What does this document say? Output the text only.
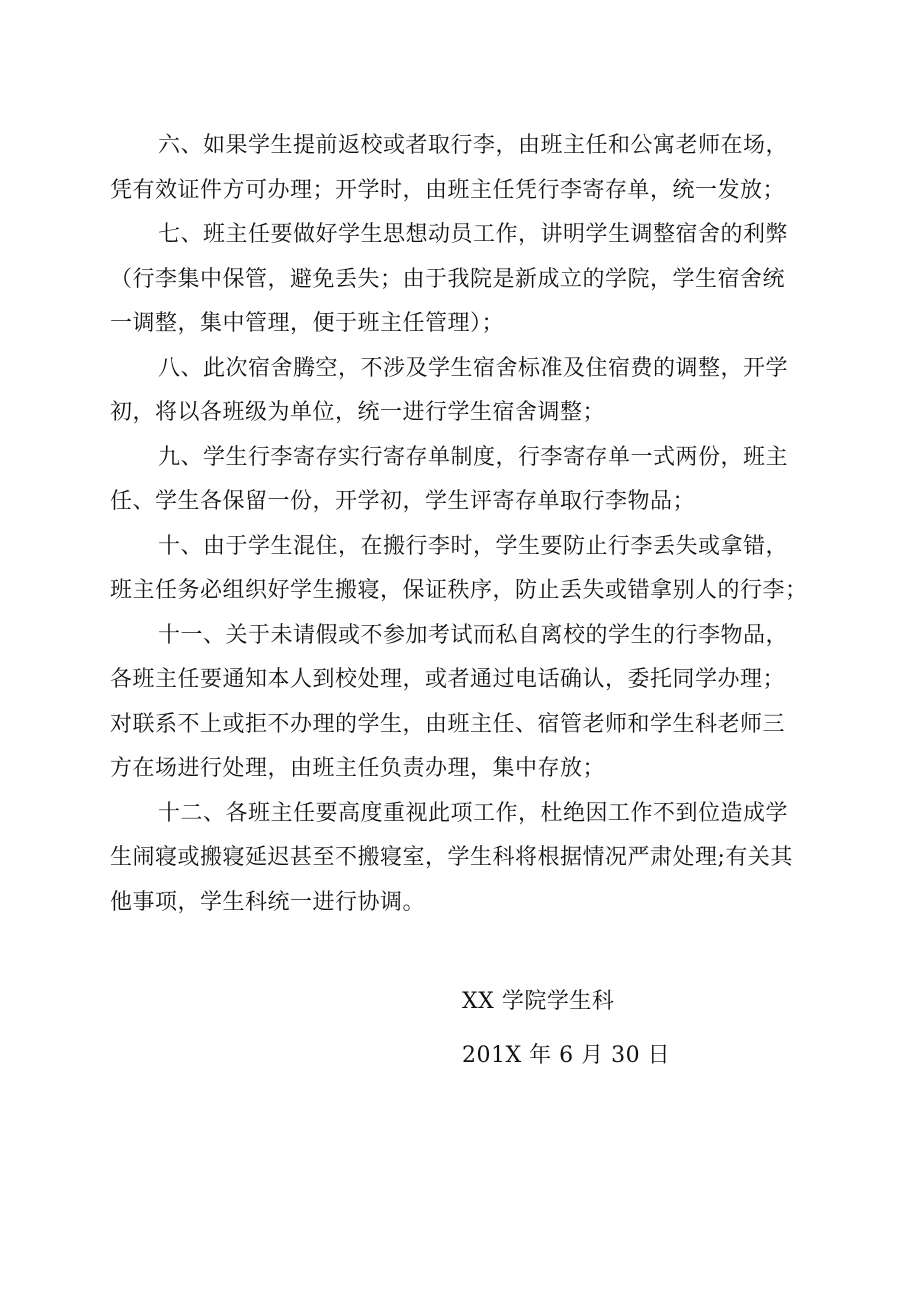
六、如果学生提前返校或者取行李，由班主任和公寓老师在场，
凭有效证件方可办理；开学时，由班主任凭行李寄存单，统一发放；

七、班主任要做好学生思想动员工作，讲明学生调整宿舍的利弊
（行李集中保管，避免丢失；由于我院是新成立的学院，学生宿舍统
一调整，集中管理，便于班主任管理）；

八、此次宿舍腾空，不涉及学生宿舍标准及住宿费的调整，开学
初，将以各班级为单位，统一进行学生宿舍调整；

九、学生行李寄存实行寄存单制度，行李寄存单一式两份，班主
任、学生各保留一份，开学初，学生评寄存单取行李物品；

十、由于学生混住，在搬行李时，学生要防止行李丢失或拿错，
班主任务必组织好学生搬寝，保证秩序，防止丢失或错拿别人的行李；

十一、关于未请假或不参加考试而私自离校的学生的行李物品，
各班主任要通知本人到校处理，或者通过电话确认，委托同学办理；
对联系不上或拒不办理的学生，由班主任、宿管老师和学生科老师三
方在场进行处理，由班主任负责办理，集中存放；

十二、各班主任要高度重视此项工作，杜绝因工作不到位造成学
生闹寝或搬寝延迟甚至不搬寝室，学生科将根据情况严肃处理;有关其
他事项，学生科统一进行协调。

XX 学院学生科
201X 年 6 月 30 日
